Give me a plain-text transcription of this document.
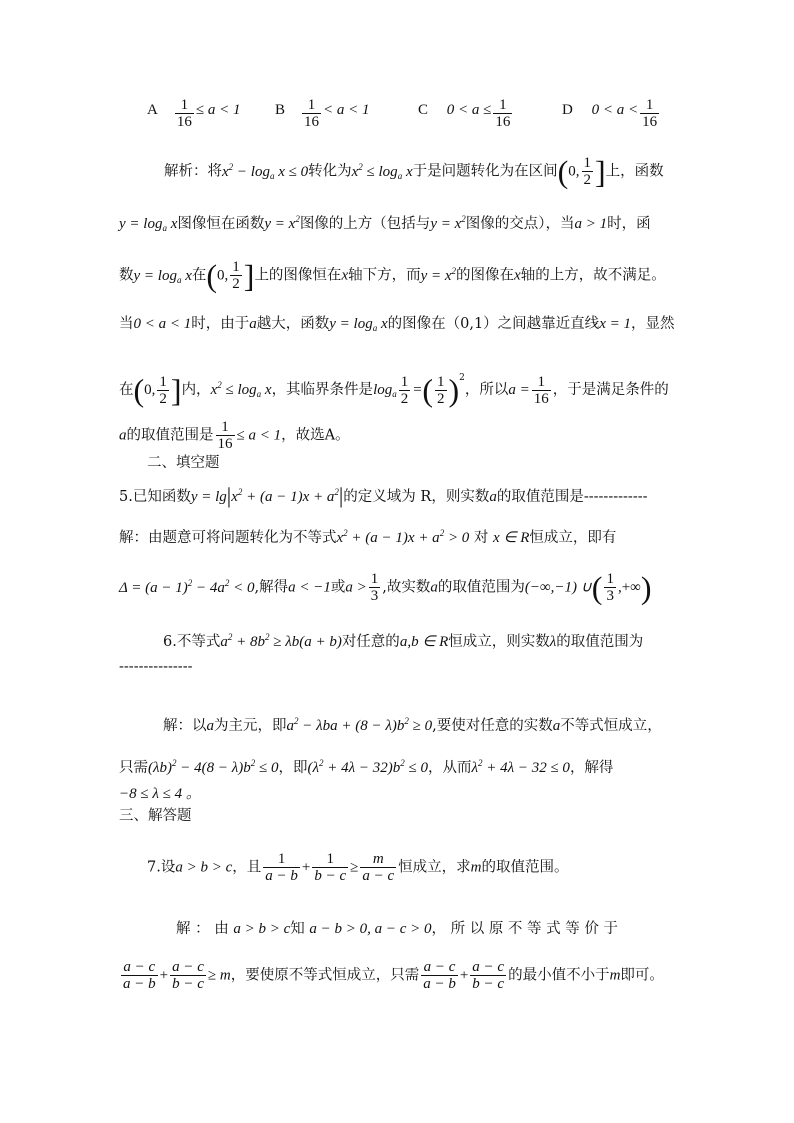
A $\frac{1}{16} \le a < 1$ B $\frac{1}{16} < a < 1$	C $0 < a \le \frac{1}{16}$	D $0 < a < \frac{1}{16}$
解析：将$x^2 - \log_a x \le 0$转化为$x^2 \le \log_a x$于是问题转化为在区间(0, $\frac{1}{2}$ ]上，函数
$y = \log_a x$图像恒在函数$y = x^2$图像的上方（包括与$y = x^2$图像的交点），当a > 1时，函
数$y = \log_a x$在(0, $\frac{1}{2}$ ]上的图像恒在x轴下方，而$y = x^2$的图像在x轴的上方，故不满足。
当0 < a < 1时，由于a越大，函数$y = \log_a x$的图像在（0,1）之间越靠近直线x = 1，显然
在(0, $\frac{1}{2}$ ]内，$x^2 \le \log_a x$，其临界条件是$\log_a \frac{1}{2}$ =( $\frac{1}{2} )^2$，所以$a = \frac{1}{16}$ ，于是满足条件的
a的取值范围是 $\frac{1}{16} \le a < 1$，故选A。
二、填空题
5.已知函数$y = \lg|x^2 + (a - 1)x + a^2|$的定义域为 R，则实数a的取值范围是-------------
解：由题意可将问题转化为不等式$x^2 + (a - 1)x + a^2 > 0$ 对 x ∈ R恒成立，即有
$\Delta = (a - 1)^2 - 4a^2 < 0$,解得a < −1或$a > \frac{1}{3}$ ,故实数a的取值范围为(−∞,−1) ∪( $\frac{1}{3}$ ,+∞)
6.不等式$a^2 + 8b^2 \ge \lambda b(a + b)$对任意的a,b ∈ R恒成立，则实数λ的取值范围为
---------------
解：以a为主元，即$a^2 - \lambda ba + (8 - \lambda)b^2 \ge 0$,要使对任意的实数a不等式恒成立，
只需$(\lambda b)^2 - 4(8 - \lambda)b^2 \le 0$，即$(\lambda^2 + 4\lambda - 32)b^2 \le 0$，从而$\lambda^2 + 4\lambda - 32 \le 0$，解得
−8 ≤ λ ≤ 4 。
三、解答题
7.设a > b > c，且 $\frac{1}{a - b} + \frac{1}{b - c} \ge \frac{m}{a - c}$ 恒成立，求m的取值范围。
解 ： 由 a > b > c知 a − b > 0, a − c > 0， 所 以 原 不 等 式 等 价 于
$\frac{a - c}{a - b} + \frac{a - c}{b - c} \ge m$，要使原不等式恒成立，只需 $\frac{a - c}{a - b} + \frac{a - c}{b - c}$ 的最小值不小于m即可。
